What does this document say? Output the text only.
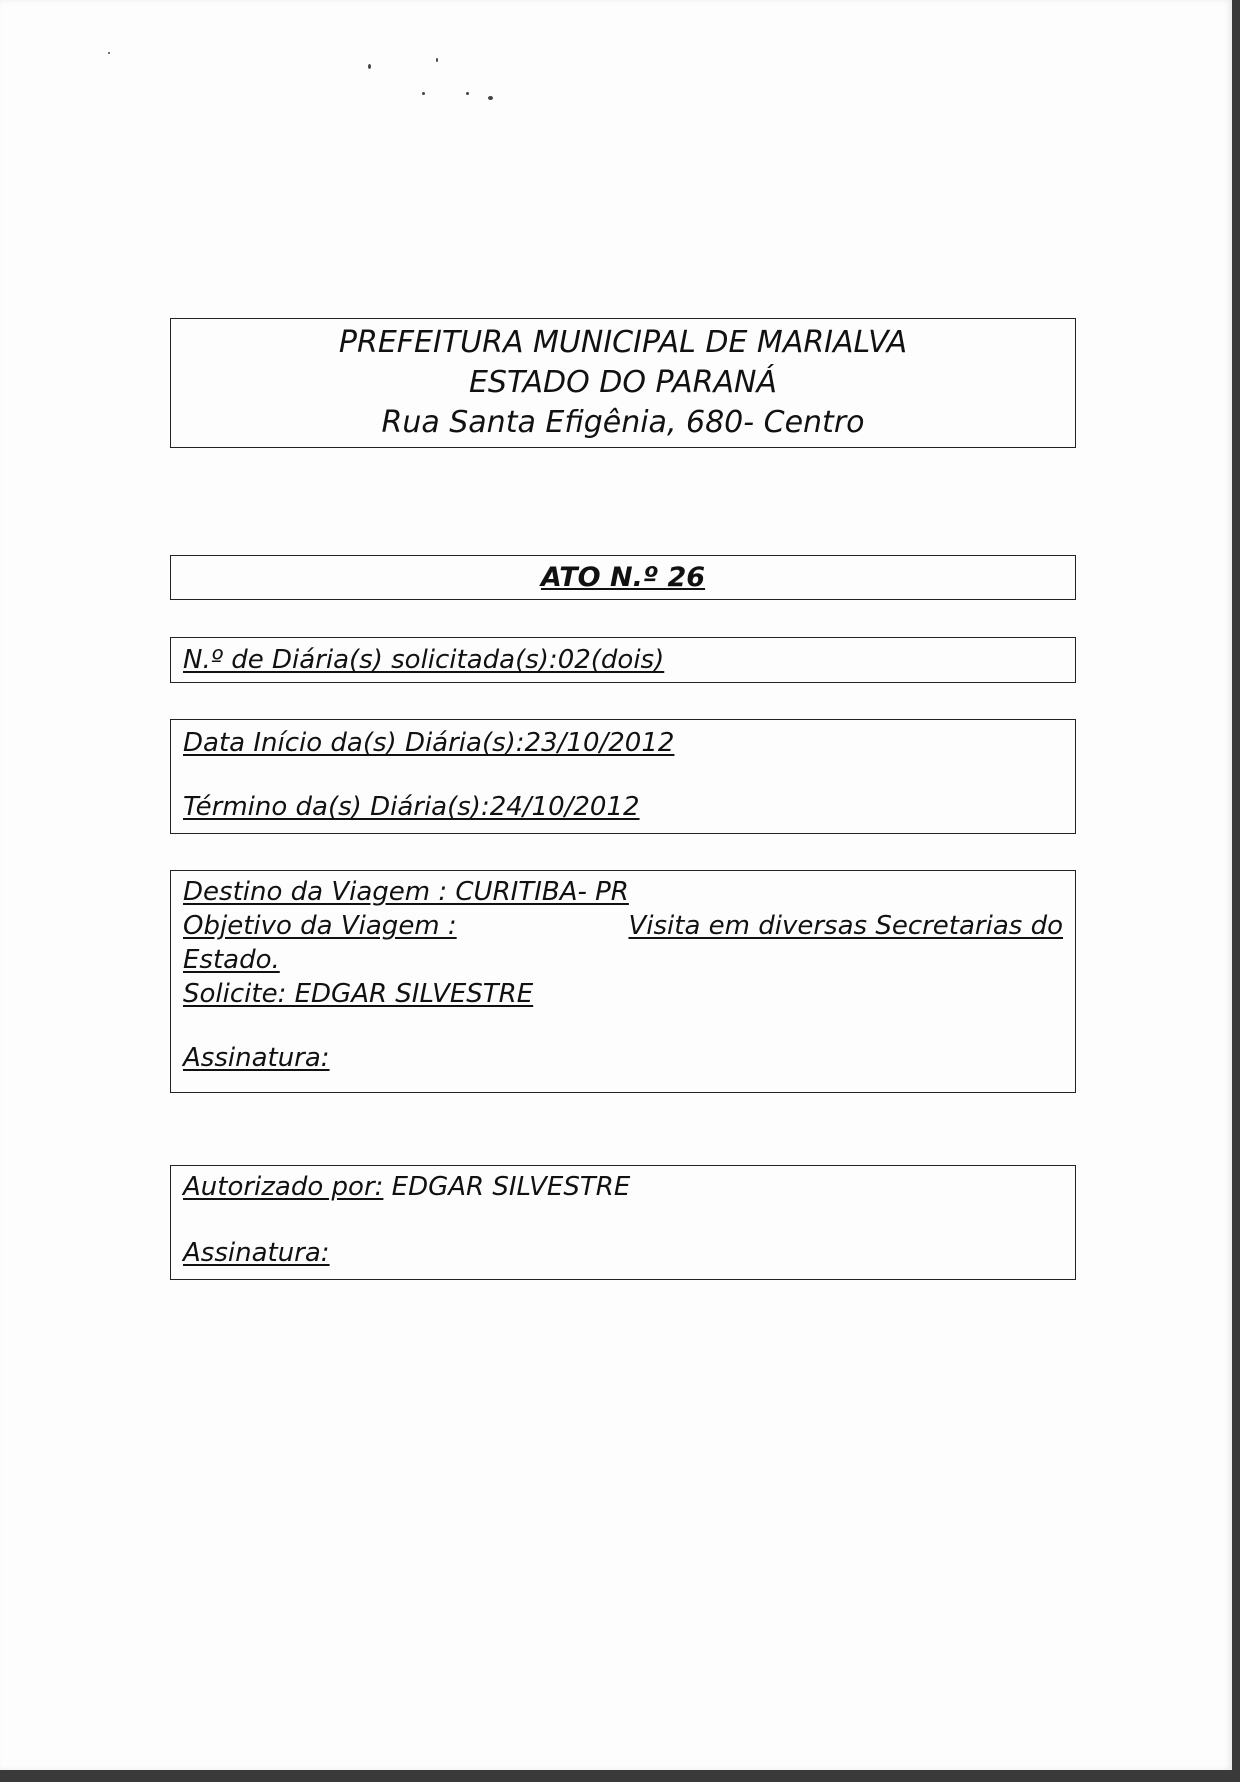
PREFEITURA MUNICIPAL DE MARIALVA
ESTADO DO PARANÁ
Rua Santa Efigênia, 680- Centro
ATO N.º 26
N.º de Diária(s) solicitada(s):02(dois)
Data Início da(s) Diária(s):23/10/2012
Término da(s) Diária(s):24/10/2012
Destino da Viagem : CURITIBA- PR
Objetivo da Viagem :	Visita em diversas Secretarias do
Estado.
Solicite: EDGAR SILVESTRE
Assinatura:
Autorizado por: EDGAR SILVESTRE
Assinatura:
